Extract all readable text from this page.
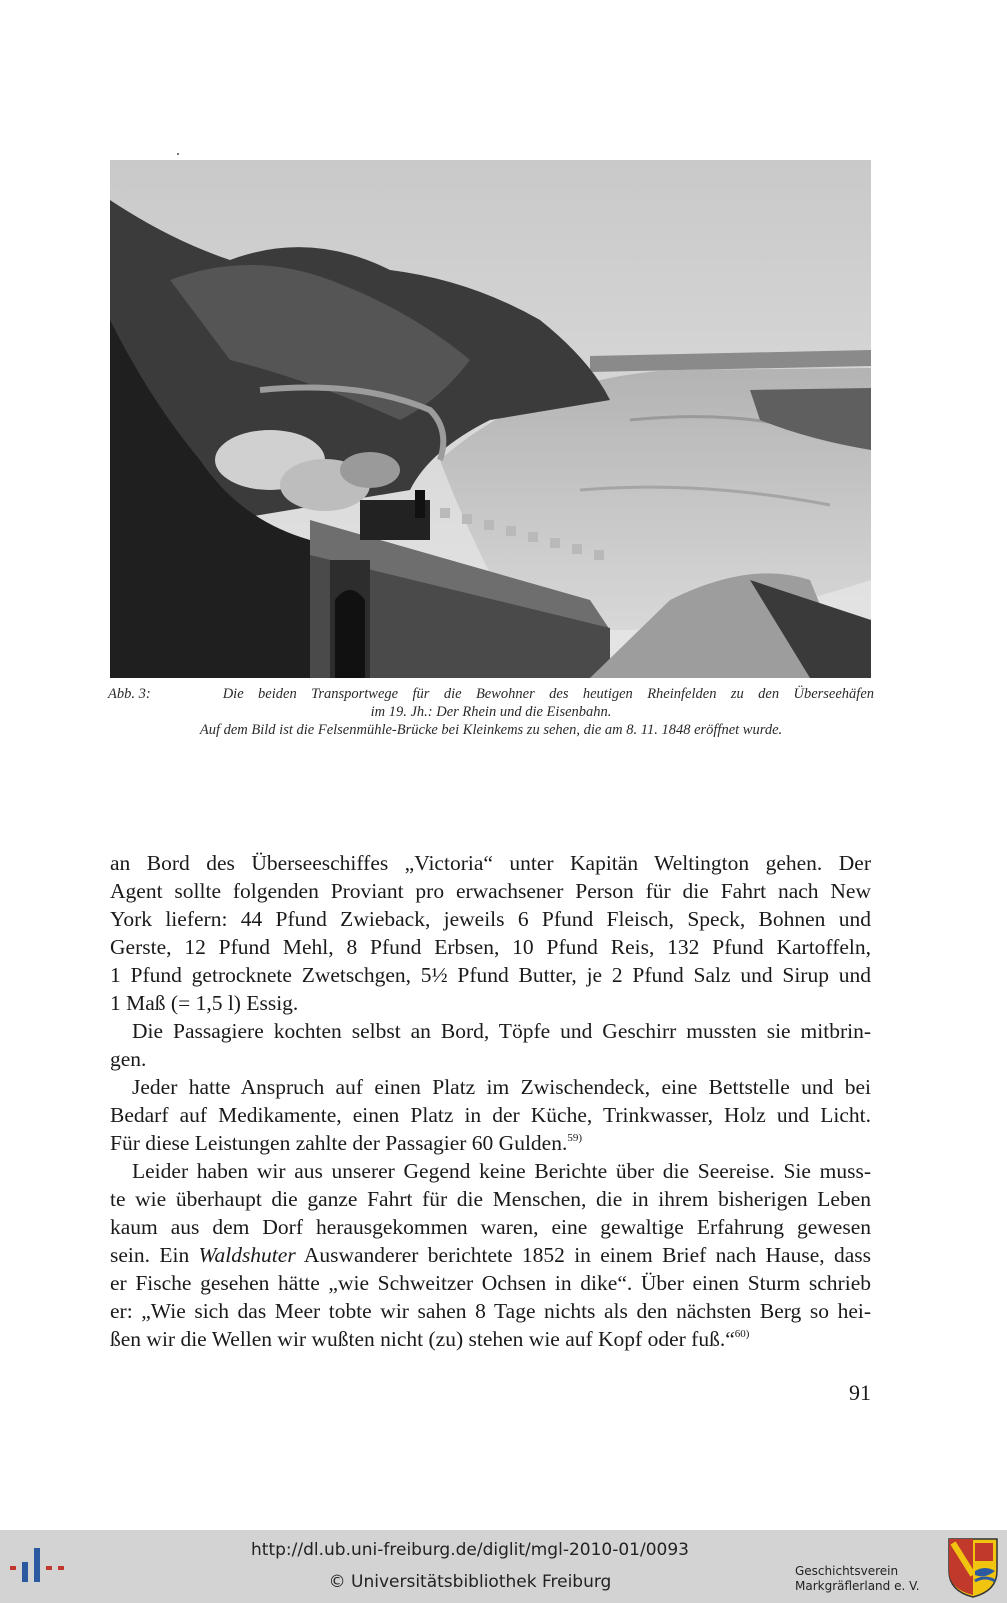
Abb. 3:	Die beiden Transportwege für die Bewohner des heutigen Rheinfelden zu den Überseehäfen
im 19. Jh.: Der Rhein und die Eisenbahn.
Auf dem Bild ist die Felsenmühle-Brücke bei Kleinkems zu sehen, die am 8. 11. 1848 eröffnet wurde.

an Bord des Überseeschiffes „Victoria“ unter Kapitän Weltington gehen. Der
Agent sollte folgenden Proviant pro erwachsener Person für die Fahrt nach New
York liefern: 44 Pfund Zwieback, jeweils 6 Pfund Fleisch, Speck, Bohnen und
Gerste, 12 Pfund Mehl, 8 Pfund Erbsen, 10 Pfund Reis, 132 Pfund Kartoffeln,
1 Pfund getrocknete Zwetschgen, 5½ Pfund Butter, je 2 Pfund Salz und Sirup und
1 Maß (= 1,5 l) Essig.

Die Passagiere kochten selbst an Bord, Töpfe und Geschirr mussten sie mitbrin-
gen.

Jeder hatte Anspruch auf einen Platz im Zwischendeck, eine Bettstelle und bei
Bedarf auf Medikamente, einen Platz in der Küche, Trinkwasser, Holz und Licht.
Für diese Leistungen zahlte der Passagier 60 Gulden.$^{59)}$

Leider haben wir aus unserer Gegend keine Berichte über die Seereise. Sie muss-
te wie überhaupt die ganze Fahrt für die Menschen, die in ihrem bisherigen Leben
kaum aus dem Dorf herausgekommen waren, eine gewaltige Erfahrung gewesen
sein. Ein Waldshuter Auswanderer berichtete 1852 in einem Brief nach Hause, dass
er Fische gesehen hätte „wie Schweitzer Ochsen in dike“. Über einen Sturm schrieb
er: „Wie sich das Meer tobte wir sahen 8 Tage nichts als den nächsten Berg so hei-
ßen wir die Wellen wir wußten nicht (zu) stehen wie auf Kopf oder fuß.“$^{60)}$

91
http://dl.ub.uni-freiburg.de/diglit/mgl-2010-01/0093
© Universitätsbibliothek Freiburg
Geschichtsverein
Markgräflerland e. V.
